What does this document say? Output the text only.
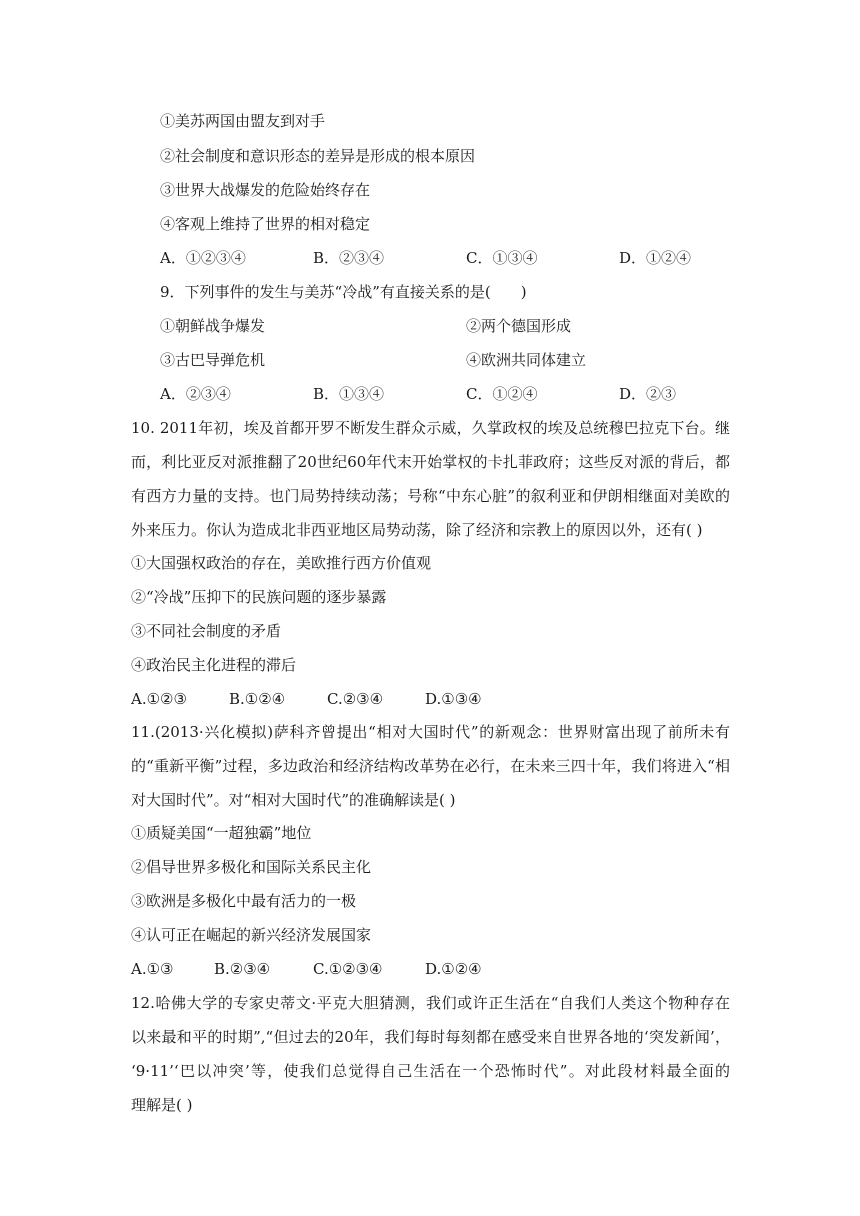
①美苏两国由盟友到对手
②社会制度和意识形态的差异是形成的根本原因
③世界大战爆发的危险始终存在
④客观上维持了世界的相对稳定
A．①②③④	B．②③④	C．①③④	D．①②④
9．下列事件的发生与美苏“冷战”有直接关系的是(　　)
①朝鲜战争爆发	②两个德国形成
③古巴导弹危机	④欧洲共同体建立
A．②③④	B．①③④	C．①②④	D．②③
10. 2011年初，埃及首都开罗不断发生群众示威，久掌政权的埃及总统穆巴拉克下台。继
而，利比亚反对派推翻了20世纪60年代末开始掌权的卡扎菲政府；这些反对派的背后，都
有西方力量的支持。也门局势持续动荡；号称“中东心脏”的叙利亚和伊朗相继面对美欧的
外来压力。你认为造成北非西亚地区局势动荡，除了经济和宗教上的原因以外，还有( )
①大国强权政治的存在，美欧推行西方价值观
②“冷战”压抑下的民族问题的逐步暴露
③不同社会制度的矛盾
④政治民主化进程的滞后
A.①②③	B.①②④	C.②③④	D.①③④
11.(2013·兴化模拟)萨科齐曾提出“相对大国时代”的新观念：世界财富出现了前所未有
的“重新平衡”过程，多边政治和经济结构改革势在必行，在未来三四十年，我们将进入“相
对大国时代”。对“相对大国时代”的准确解读是( )
①质疑美国“一超独霸”地位
②倡导世界多极化和国际关系民主化
③欧洲是多极化中最有活力的一极
④认可正在崛起的新兴经济发展国家
A.①③	B.②③④	C.①②③④	D.①②④
12.哈佛大学的专家史蒂文·平克大胆猜测，我们或许正生活在“自我们人类这个物种存在
以来最和平的时期”,“但过去的20年，我们每时每刻都在感受来自世界各地的‘突发新闻’，
‘9·11’‘巴以冲突’等，使我们总觉得自己生活在一个恐怖时代”。对此段材料最全面的
理解是( )
